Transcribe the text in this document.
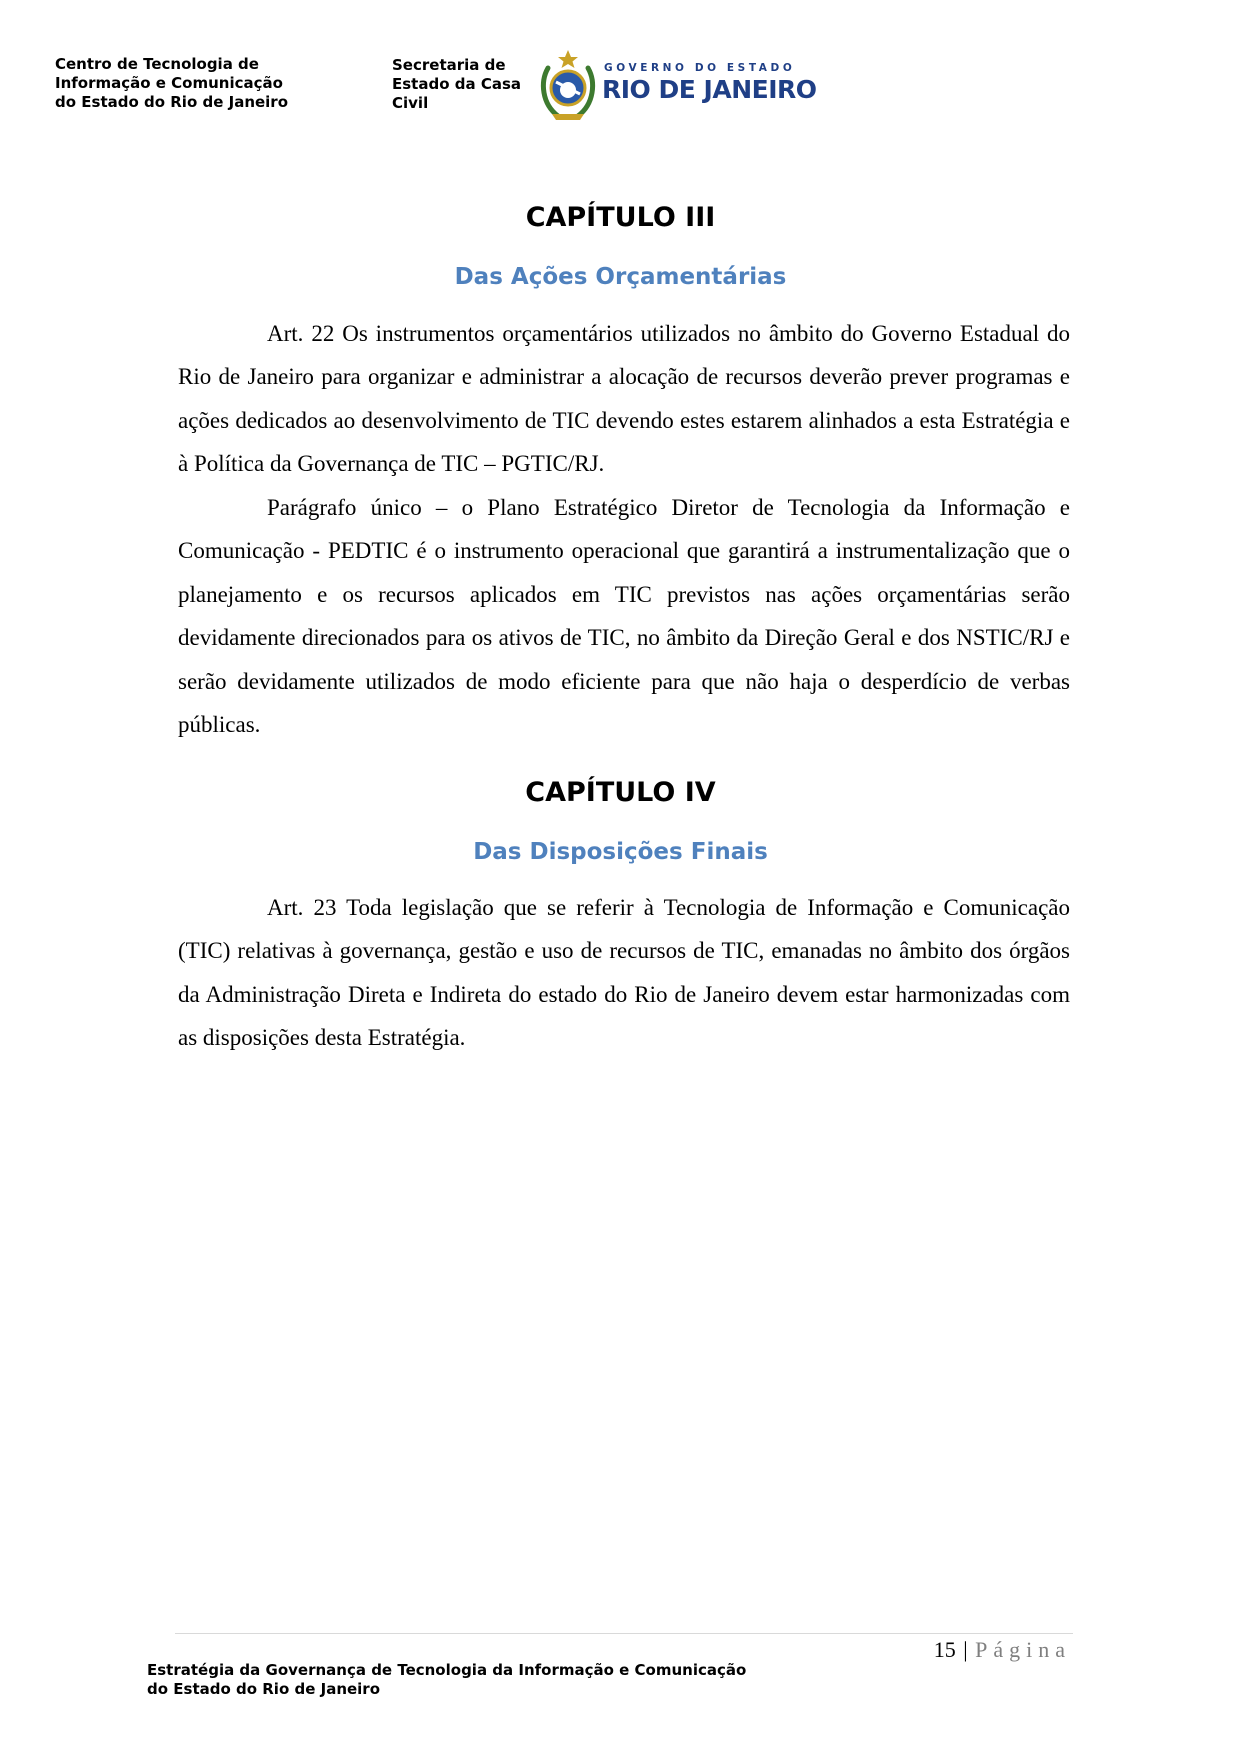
Centro de Tecnologia de
Informação e Comunicação
do Estado do Rio de Janeiro
Secretaria de
Estado da Casa
Civil
GOVERNO DO ESTADO
RIO DE JANEIRO
CAPÍTULO III
Das Ações Orçamentárias

Art. 22 Os instrumentos orçamentários utilizados no âmbito do Governo Estadual do Rio de Janeiro para organizar e administrar a alocação de recursos deverão prever programas e ações dedicados ao desenvolvimento de TIC devendo estes estarem alinhados a esta Estratégia e à Política da Governança de TIC – PGTIC/RJ.

Parágrafo único – o Plano Estratégico Diretor de Tecnologia da Informação e Comunicação - PEDTIC é o instrumento operacional que garantirá a instrumentalização que o planejamento e os recursos aplicados em TIC previstos nas ações orçamentárias serão devidamente direcionados para os ativos de TIC, no âmbito da Direção Geral e dos NSTIC/RJ e serão devidamente utilizados de modo eficiente para que não haja o desperdício de verbas públicas.

CAPÍTULO IV
Das Disposições Finais

Art. 23 Toda legislação que se referir à Tecnologia de Informação e Comunicação (TIC) relativas à governança, gestão e uso de recursos de TIC, emanadas no âmbito dos órgãos da Administração Direta e Indireta do estado do Rio de Janeiro devem estar harmonizadas com as disposições desta Estratégia.

15 | Página
Estratégia da Governança de Tecnologia da Informação e Comunicação
do Estado do Rio de Janeiro
